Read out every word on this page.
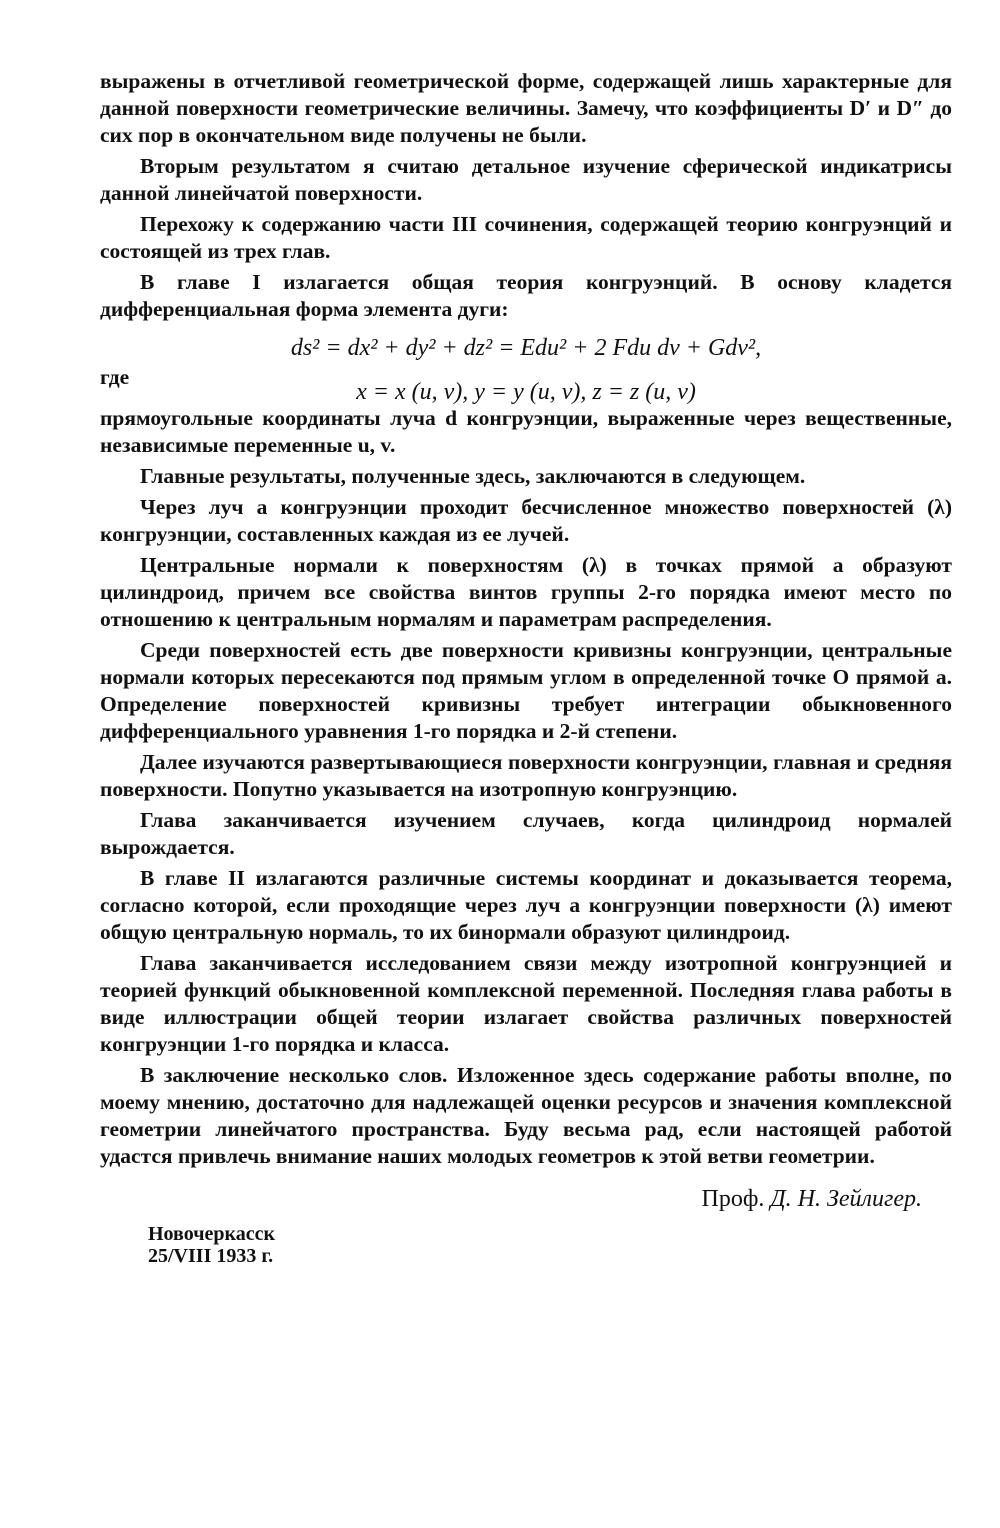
выражены в отчетливой геометрической форме, содержащей лишь характерные для данной поверхности геометрические величины. Замечу, что коэффициенты D′ и D″ до сих пор в окончательном виде получены не были.

Вторым результатом я считаю детальное изучение сферической индикатрисы данной линейчатой поверхности.

Перехожу к содержанию части III сочинения, содержащей теорию конгруэнций и состоящей из трех глав.

В главе I излагается общая теория конгруэнций. В основу кладется дифференциальная форма элемента дуги:

ds² = dx² + dy² + dz² = Edu² + 2 Fdu dv + Gdv²,
где
x = x (u, v), y = y (u, v), z = z (u, v)

прямоугольные координаты луча d конгруэнции, выраженные через вещественные, независимые переменные u, v.

Главные результаты, полученные здесь, заключаются в следующем.

Через луч a конгруэнции проходит бесчисленное множество поверхностей (λ) конгруэнции, составленных каждая из ее лучей.

Центральные нормали к поверхностям (λ) в точках прямой a образуют цилиндроид, причем все свойства винтов группы 2-го порядка имеют место по отношению к центральным нормалям и параметрам распределения.

Среди поверхностей есть две поверхности кривизны конгруэнции, центральные нормали которых пересекаются под прямым углом в определенной точке O прямой a. Определение поверхностей кривизны требует интеграции обыкновенного дифференциального уравнения 1-го порядка и 2-й степени.

Далее изучаются развертывающиеся поверхности конгруэнции, главная и средняя поверхности. Попутно указывается на изотропную конгруэнцию.

Глава заканчивается изучением случаев, когда цилиндроид нормалей вырождается.

В главе II излагаются различные системы координат и доказывается теорема, согласно которой, если проходящие через луч a конгруэнции поверхности (λ) имеют общую центральную нормаль, то их бинормали образуют цилиндроид.

Глава заканчивается исследованием связи между изотропной конгруэнцией и теорией функций обыкновенной комплексной переменной. Последняя глава работы в виде иллюстрации общей теории излагает свойства различных поверхностей конгруэнции 1-го порядка и класса.

В заключение несколько слов. Изложенное здесь содержание работы вполне, по моему мнению, достаточно для надлежащей оценки ресурсов и значения комплексной геометрии линейчатого пространства. Буду весьма рад, если настоящей работой удастся привлечь внимание наших молодых геометров к этой ветви геометрии.

Проф. Д. Н. Зейлигер.
Новочеркасск
25/VIII 1933 г.
